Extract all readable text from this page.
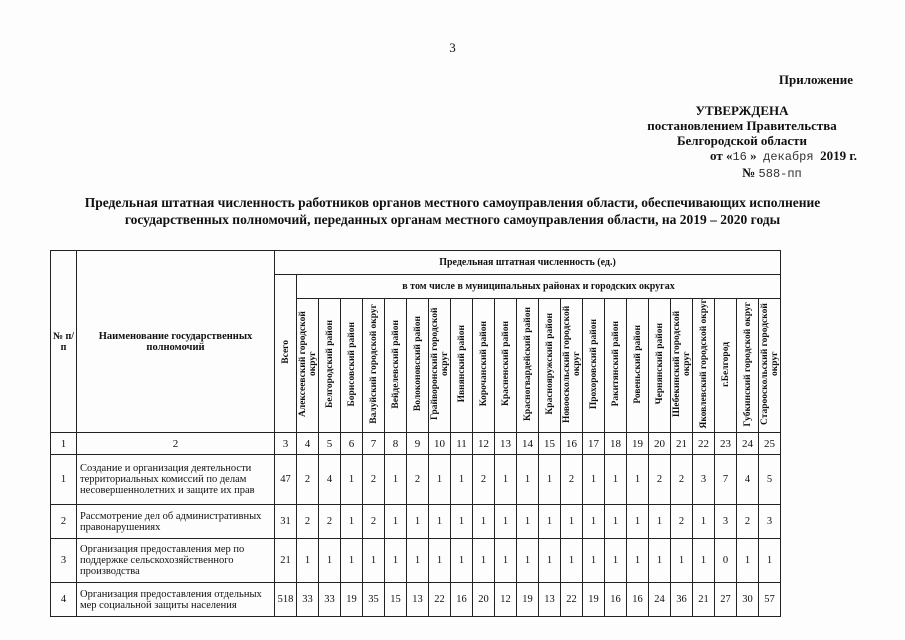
3
Приложение
УТВЕРЖДЕНА
постановлением Правительства
Белгородской области
от «16 » декабря 2019 г.
№ 588-пп
Предельная штатная численность работников органов местного самоуправления области, обеспечивающих исполнение
государственных полномочий, переданных органам местного самоуправления области, на 2019 – 2020 годы
№ п/п	Наименование государственных полномочий	Предельная штатная численность (ед.)																						
		Всего	в том числе в муниципальных районах и городских округах																					
			Алексеевский городской округ	Белгородский район	Борисовский район	Валуйский городской округ	Вейделевский район	Волоконовский район	Грайворонский городской округ	Ивнянский район	Корочанский район	Красненский район	Красногвардейский район	Краснояружский район	Новооскольский городской округ	Прохоровский район	Ракитянский район	Ровеньский район	Чернянский район	Шебекинский городской округ	Яковлевский городской округ	г.Белгород	Губкинский городской округ	Старооскольский городской округ
1	2	3	4	5	6	7	8	9	10	11	12	13	14	15	16	17	18	19	20	21	22	23	24	25
1	Создание и организация деятельности территориальных комиссий по делам несовершеннолетних и защите их прав	47	2	4	1	2	1	2	1	1	2	1	1	1	2	1	1	1	2	2	3	7	4	5
2	Рассмотрение дел об административных правонарушениях	31	2	2	1	2	1	1	1	1	1	1	1	1	1	1	1	1	1	2	1	3	2	3
3	Организация предоставления мер по поддержке сельскохозяйственного производства	21	1	1	1	1	1	1	1	1	1	1	1	1	1	1	1	1	1	1	1	0	1	1
4	Организация предоставления отдельных мер социальной защиты населения	518	33	33	19	35	15	13	22	16	20	12	19	13	22	19	16	16	24	36	21	27	30	57
